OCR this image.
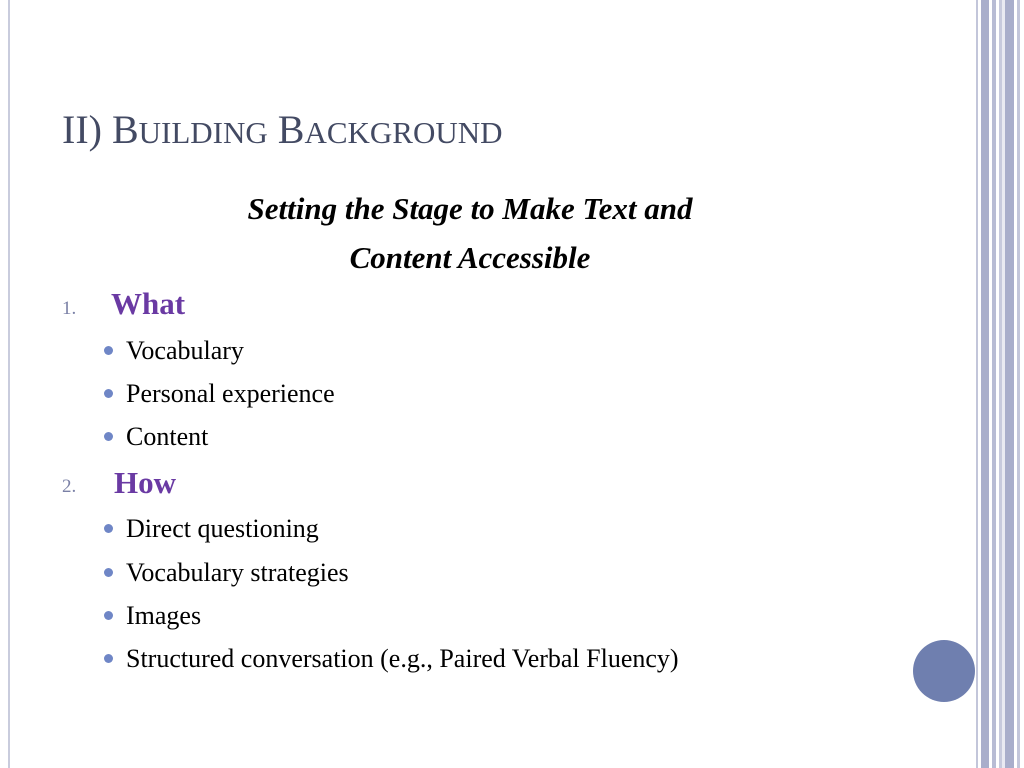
II) BUILDING BACKGROUND
Setting the Stage to Make Text and
Content Accessible
1. What
Vocabulary
Personal experience
Content
2. How
Direct questioning
Vocabulary strategies
Images
Structured conversation (e.g., Paired Verbal Fluency)
